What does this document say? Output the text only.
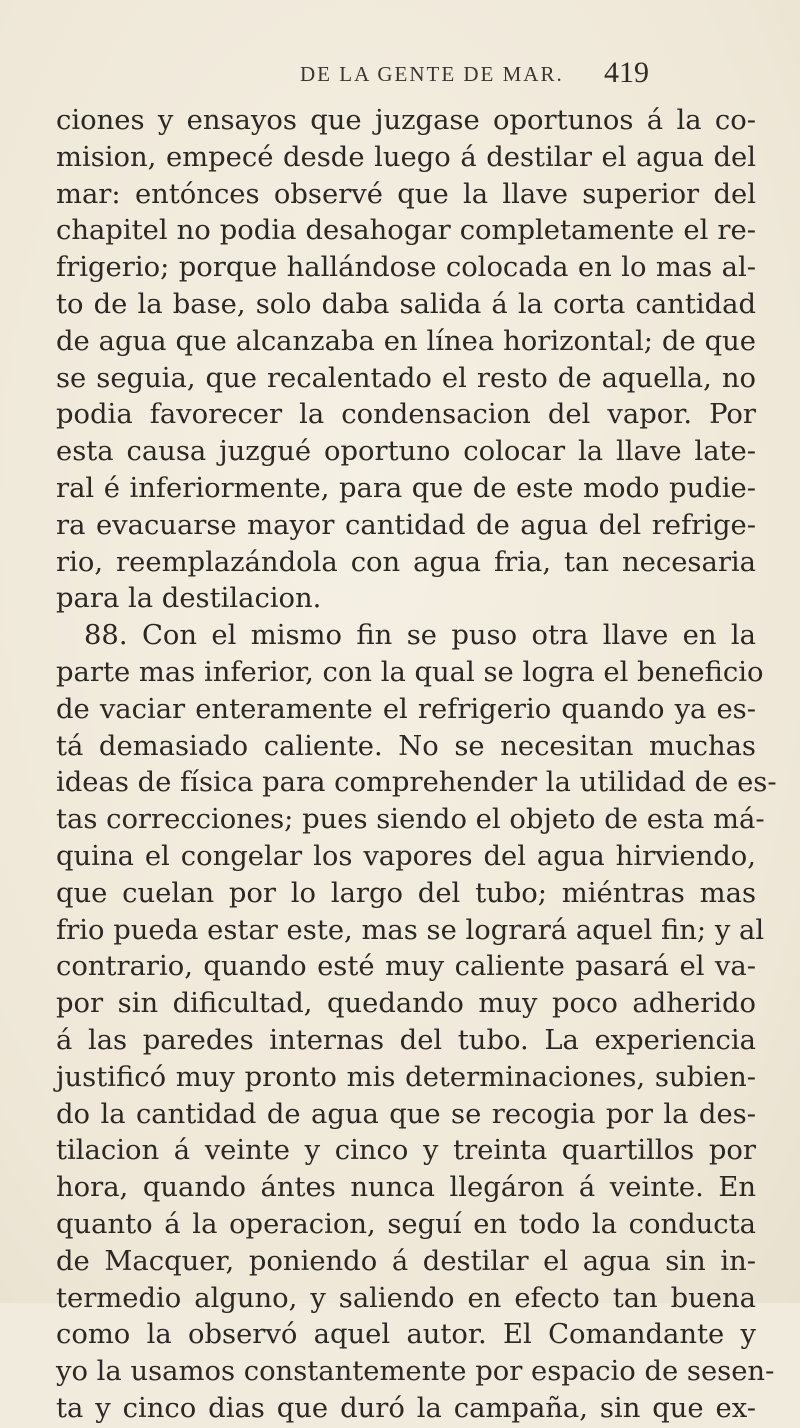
DE LA GENTE DE MAR. 419
ciones y ensayos que juzgase oportunos á la co-
mision, empecé desde luego á destilar el agua del
mar: entónces observé que la llave superior del
chapitel no podia desahogar completamente el re-
frigerio; porque hallándose colocada en lo mas al-
to de la base, solo daba salida á la corta cantidad
de agua que alcanzaba en línea horizontal; de que
se seguia, que recalentado el resto de aquella, no
podia favorecer la condensacion del vapor. Por
esta causa juzgué oportuno colocar la llave late-
ral é inferiormente, para que de este modo pudie-
ra evacuarse mayor cantidad de agua del refrige-
rio, reemplazándola con agua fria, tan necesaria
para la destilacion.
88. Con el mismo fin se puso otra llave en la
parte mas inferior, con la qual se logra el beneficio
de vaciar enteramente el refrigerio quando ya es-
tá demasiado caliente. No se necesitan muchas
ideas de física para comprehender la utilidad de es-
tas correcciones; pues siendo el objeto de esta má-
quina el congelar los vapores del agua hirviendo,
que cuelan por lo largo del tubo; miéntras mas
frio pueda estar este, mas se logrará aquel fin; y al
contrario, quando esté muy caliente pasará el va-
por sin dificultad, quedando muy poco adherido
á las paredes internas del tubo. La experiencia
justificó muy pronto mis determinaciones, subien-
do la cantidad de agua que se recogia por la des-
tilacion á veinte y cinco y treinta quartillos por
hora, quando ántes nunca llegáron á veinte. En
quanto á la operacion, seguí en todo la conducta
de Macquer, poniendo á destilar el agua sin in-
termedio alguno, y saliendo en efecto tan buena
como la observó aquel autor. El Comandante y
yo la usamos constantemente por espacio de sesen-
ta y cinco dias que duró la campaña, sin que ex-
